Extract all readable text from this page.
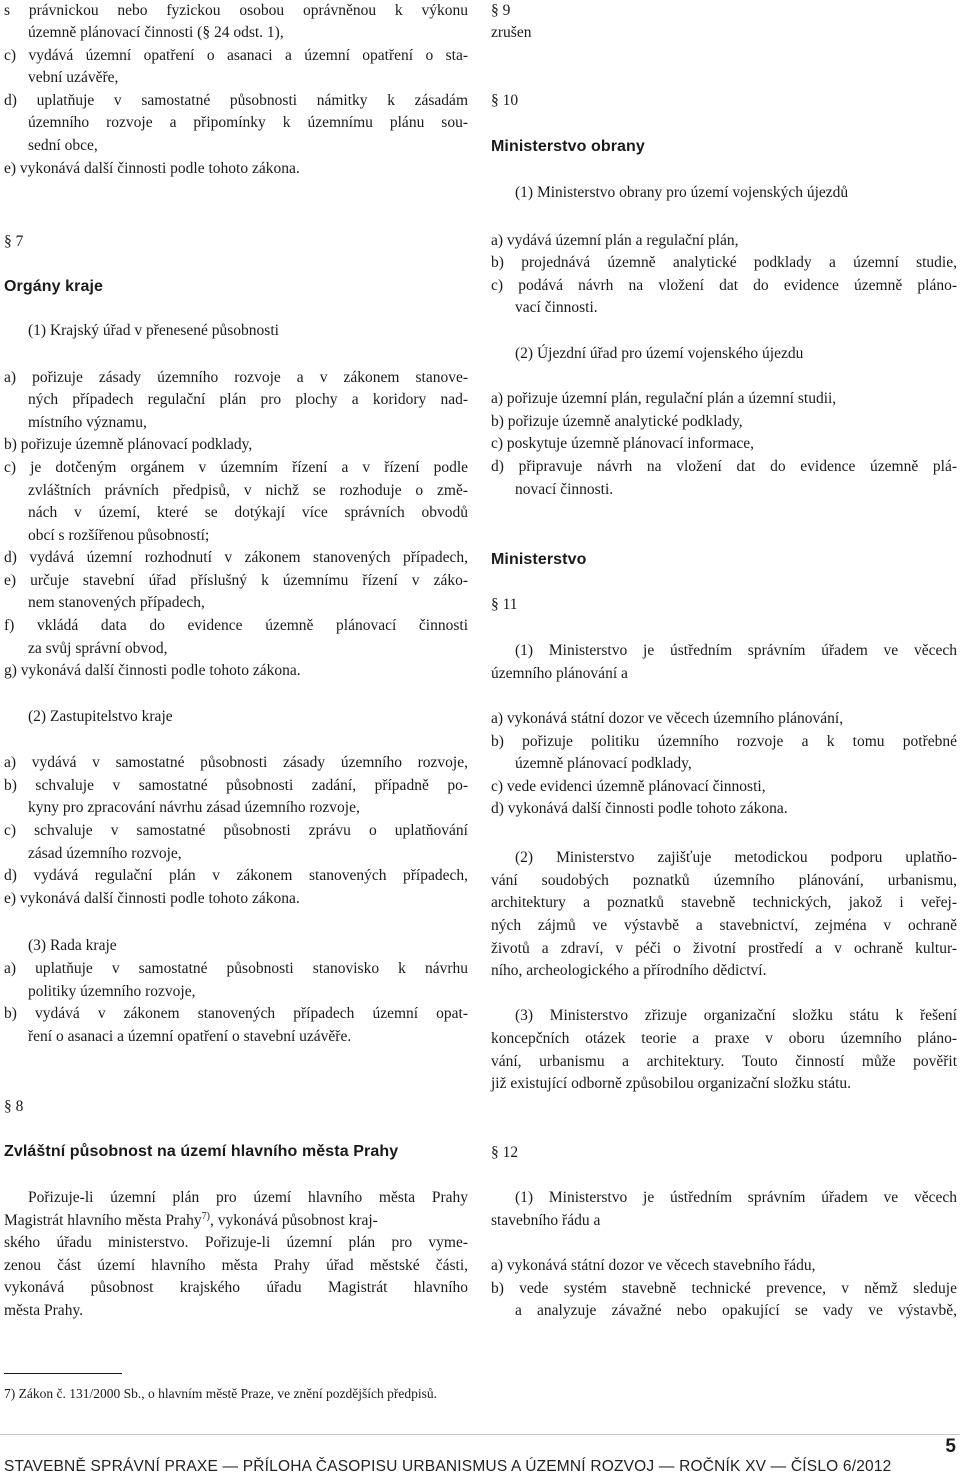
s právnickou nebo fyzickou osobou oprávněnou k výkonu
územně plánovací činnosti (§ 24 odst. 1),
c) vydává územní opatření o asanaci a územní opatření o sta-
vební uzávěře,
d) uplatňuje v samostatné působnosti námitky k zásadám
územního rozvoje a připomínky k územnímu plánu sou-
sední obce,
e) vykonává další činnosti podle tohoto zákona.
§ 7
Orgány kraje
(1) Krajský úřad v přenesené působnosti
a) pořizuje zásady územního rozvoje a v zákonem stanove-
ných případech regulační plán pro plochy a koridory nad-
místního významu,
b) pořizuje územně plánovací podklady,
c) je dotčeným orgánem v územním řízení a v řízení podle
zvláštních právních předpisů, v nichž se rozhoduje o změ-
nách v území, které se dotýkají více správních obvodů
obcí s rozšířenou působností;
d) vydává územní rozhodnutí v zákonem stanovených případech,
e) určuje stavební úřad příslušný k územnímu řízení v záko-
nem stanovených případech,
f) vkládá data do evidence územně plánovací činnosti
za svůj správní obvod,
g) vykonává další činnosti podle tohoto zákona.
(2) Zastupitelstvo kraje
a) vydává v samostatné působnosti zásady územního rozvoje,
b) schvaluje v samostatné působnosti zadání, případně po-
kyny pro zpracování návrhu zásad územního rozvoje,
c) schvaluje v samostatné působnosti zprávu o uplatňování
zásad územního rozvoje,
d) vydává regulační plán v zákonem stanovených případech,
e) vykonává další činnosti podle tohoto zákona.
(3) Rada kraje
a) uplatňuje v samostatné působnosti stanovisko k návrhu
politiky územního rozvoje,
b) vydává v zákonem stanovených případech územní opat-
ření o asanaci a územní opatření o stavební uzávěře.
§ 8
Zvláštní působnost na území hlavního města Prahy
Pořizuje-li územní plán pro území hlavního města Prahy
Magistrát hlavního města Prahy$^{7)}$, vykonává působnost kraj-
ského úřadu ministerstvo. Pořizuje-li územní plán pro vyme-
zenou část území hlavního města Prahy úřad městské části,
vykonává působnost krajského úřadu Magistrát hlavního
města Prahy.
§ 9
zrušen
§ 10
Ministerstvo obrany
(1) Ministerstvo obrany pro území vojenských újezdů
a) vydává územní plán a regulační plán,
b) projednává územně analytické podklady a územní studie,
c) podává návrh na vložení dat do evidence územně pláno-
vací činnosti.
(2) Újezdní úřad pro území vojenského újezdu
a) pořizuje územní plán, regulační plán a územní studii,
b) pořizuje územně analytické podklady,
c) poskytuje územně plánovací informace,
d) připravuje návrh na vložení dat do evidence územně plá-
novací činnosti.
Ministerstvo
§ 11
(1) Ministerstvo je ústředním správním úřadem ve věcech
územního plánování a
a) vykonává státní dozor ve věcech územního plánování,
b) pořizuje politiku územního rozvoje a k tomu potřebné
územně plánovací podklady,
c) vede evidenci územně plánovací činnosti,
d) vykonává další činnosti podle tohoto zákona.
(2) Ministerstvo zajišťuje metodickou podporu uplatňo-
vání soudobých poznatků územního plánování, urbanismu,
architektury a poznatků stavebně technických, jakož i veřej-
ných zájmů ve výstavbě a stavebnictví, zejména v ochraně
životů a zdraví, v péči o životní prostředí a v ochraně kultur-
ního, archeologického a přírodního dědictví.
(3) Ministerstvo zřizuje organizační složku státu k řešení
koncepčních otázek teorie a praxe v oboru územního pláno-
vání, urbanismu a architektury. Touto činností může pověřit
již existující odborně způsobilou organizační složku státu.
§ 12
(1) Ministerstvo je ústředním správním úřadem ve věcech
stavebního řádu a
a) vykonává státní dozor ve věcech stavebního řádu,
b) vede systém stavebně technické prevence, v němž sleduje
a analyzuje závažné nebo opakující se vady ve výstavbě,
7) Zákon č. 131/2000 Sb., o hlavním městě Praze, ve znění pozdějších předpisů.
STAVEBNĚ SPRÁVNÍ PRAXE — PŘÍLOHA ČASOPISU URBANISMUS A ÚZEMNÍ ROZVOJ — ROČNÍK XV — ČÍSLO 6/2012
5
